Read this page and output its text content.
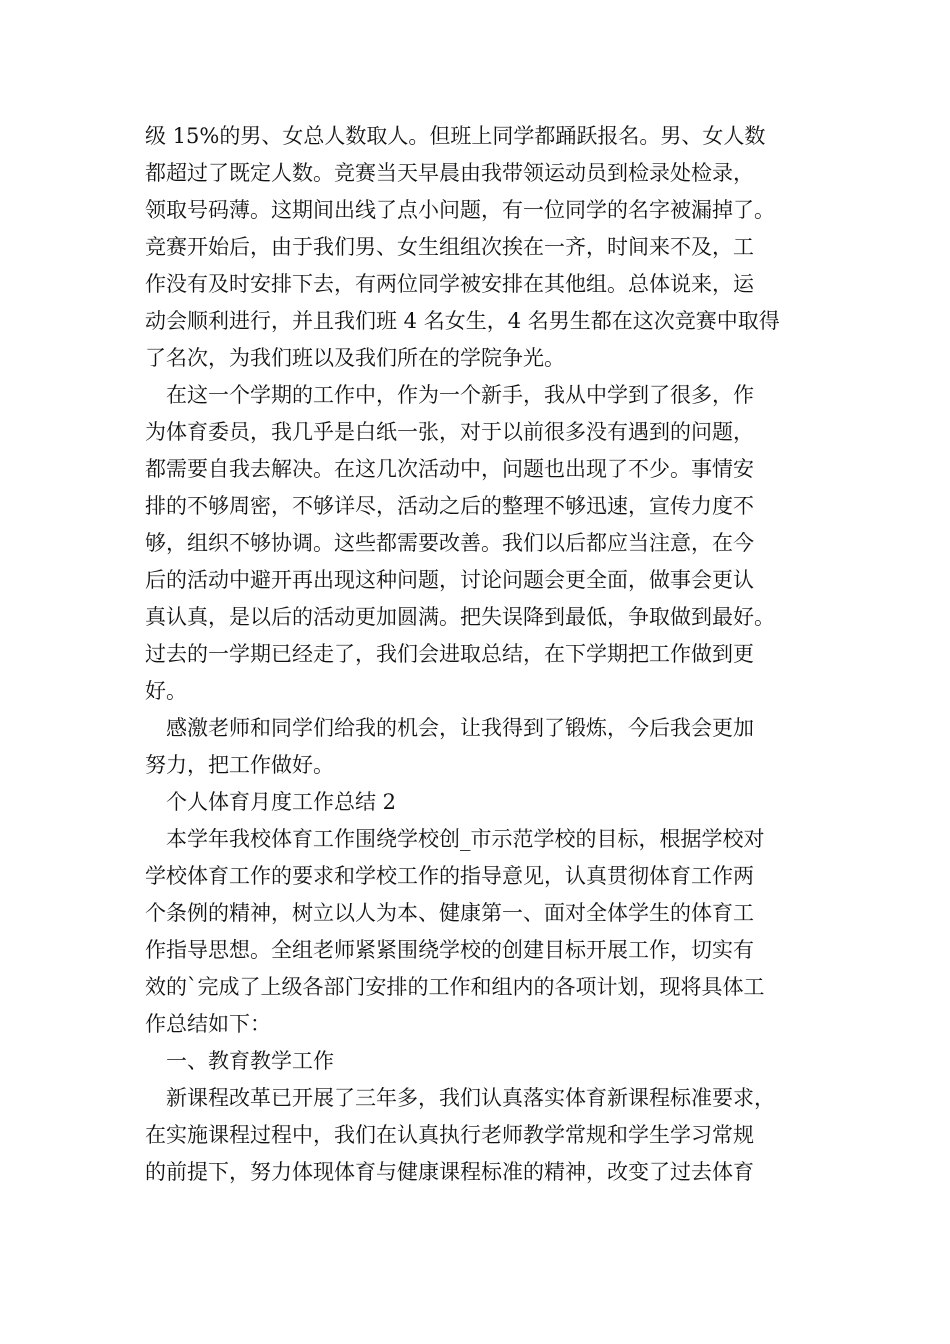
级 15%的男、女总人数取人。但班上同学都踊跃报名。男、女人数
都超过了既定人数。竞赛当天早晨由我带领运动员到检录处检录，
领取号码薄。这期间出线了点小问题，有一位同学的名字被漏掉了。
竞赛开始后，由于我们男、女生组组次挨在一齐，时间来不及，工
作没有及时安排下去，有两位同学被安排在其他组。总体说来，运
动会顺利进行，并且我们班 4 名女生，4 名男生都在这次竞赛中取得
了名次，为我们班以及我们所在的学院争光。
在这一个学期的工作中，作为一个新手，我从中学到了很多，作
为体育委员，我几乎是白纸一张，对于以前很多没有遇到的问题，
都需要自我去解决。在这几次活动中，问题也出现了不少。事情安
排的不够周密，不够详尽，活动之后的整理不够迅速，宣传力度不
够，组织不够协调。这些都需要改善。我们以后都应当注意，在今
后的活动中避开再出现这种问题，讨论问题会更全面，做事会更认
真认真，是以后的活动更加圆满。把失误降到最低，争取做到最好。
过去的一学期已经走了，我们会进取总结，在下学期把工作做到更
好。
感激老师和同学们给我的机会，让我得到了锻炼，今后我会更加
努力，把工作做好。
个人体育月度工作总结 2
本学年我校体育工作围绕学校创_市示范学校的目标，根据学校对
学校体育工作的要求和学校工作的指导意见，认真贯彻体育工作两
个条例的精神，树立以人为本、健康第一、面对全体学生的体育工
作指导思想。全组老师紧紧围绕学校的创建目标开展工作，切实有
效的`完成了上级各部门安排的工作和组内的各项计划，现将具体工
作总结如下：
一、教育教学工作
新课程改革已开展了三年多，我们认真落实体育新课程标准要求，
在实施课程过程中，我们在认真执行老师教学常规和学生学习常规
的前提下，努力体现体育与健康课程标准的精神，改变了过去体育
